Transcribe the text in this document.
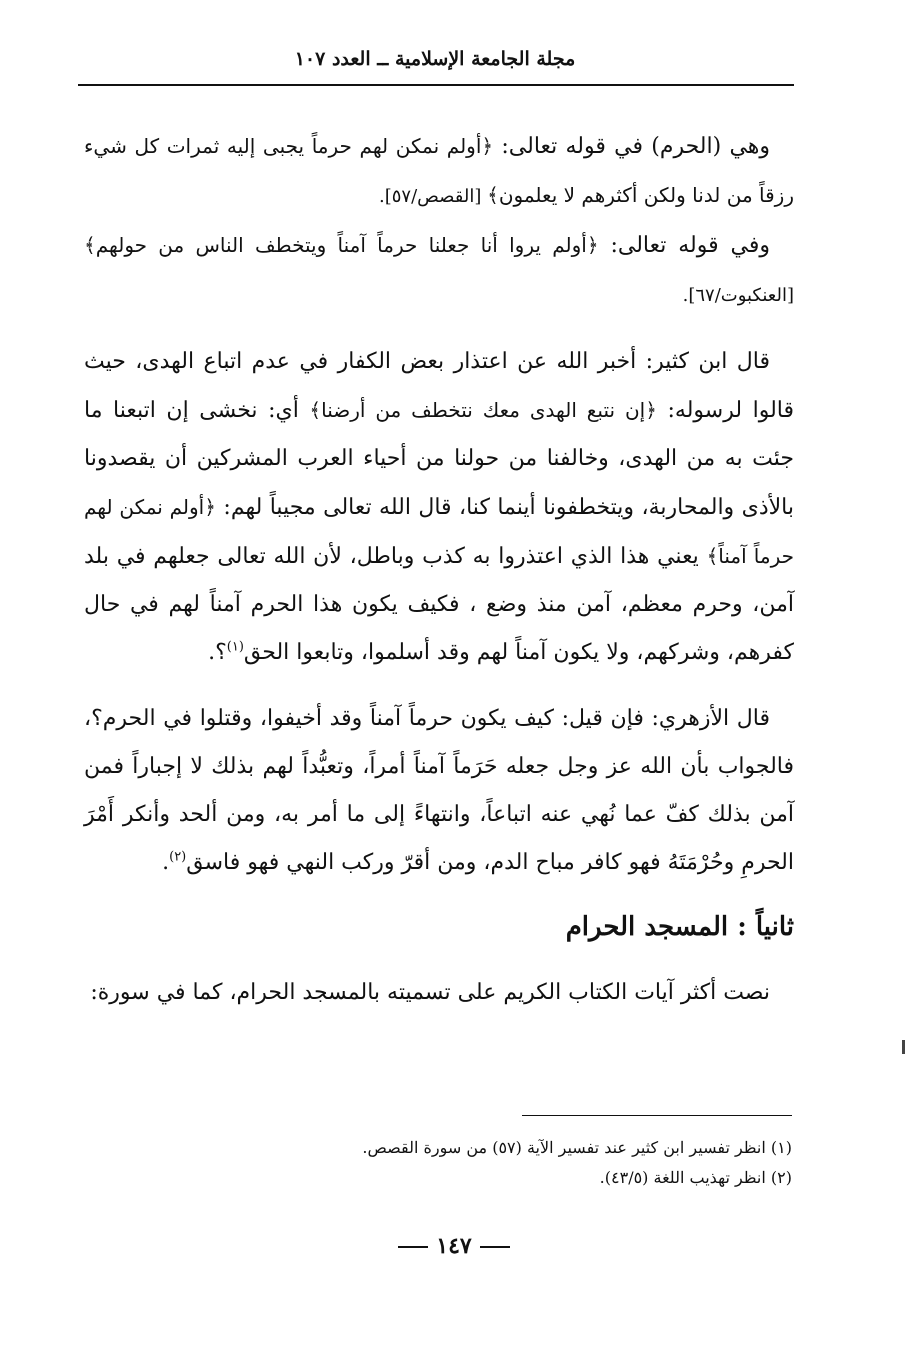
مجلة الجامعة الإسلامية ــ العدد ١٠٧

وهي (الحرم) في قوله تعالى: ﴿أولم نمكن لهم حرماً يجبى إليه ثمرات كل شيء رزقاً من لدنا ولكن أكثرهم لا يعلمون﴾ [القصص/٥٧].

وفي قوله تعالى: ﴿أولم يروا أنا جعلنا حرماً آمناً ويتخطف الناس من حولهم﴾ [العنكبوت/٦٧].

قال ابن كثير: أخبر الله عن اعتذار بعض الكفار في عدم اتباع الهدى، حيث قالوا لرسوله: ﴿إن نتبع الهدى معك نتخطف من أرضنا﴾ أي: نخشى إن اتبعنا ما جئت به من الهدى، وخالفنا من حولنا من أحياء العرب المشركين أن يقصدونا بالأذى والمحاربة، ويتخطفونا أينما كنا، قال الله تعالى مجيباً لهم: ﴿أولم نمكن لهم حرماً آمناً﴾ يعني هذا الذي اعتذروا به كذب وباطل، لأن الله تعالى جعلهم في بلد آمن، وحرم معظم، آمن منذ وضع ، فكيف يكون هذا الحرم آمناً لهم في حال كفرهم، وشركهم، ولا يكون آمناً لهم وقد أسلموا، وتابعوا الحق$^{(١)}$؟.

قال الأزهري: فإن قيل: كيف يكون حرماً آمناً وقد أخيفوا، وقتلوا في الحرم؟، فالجواب بأن الله عز وجل جعله حَرَماً آمناً أمراً، وتعبُّداً لهم بذلك لا إجباراً فمن آمن بذلك كفّ عما نُهي عنه اتباعاً، وانتهاءً إلى ما أمر به، ومن ألحد وأنكر أَمْرَ الحرمِ وحُرْمَتَهُ فهو كافر مباح الدم، ومن أقرّ وركب النهي فهو فاسق$^{(٢)}$.

ثانياً : المسجد الحرام

نصت أكثر آيات الكتاب الكريم على تسميته بالمسجد الحرام، كما في سورة:

(١) انظر تفسير ابن كثير عند تفسير الآية (٥٧) من سورة القصص.

(٢) انظر تهذيب اللغة (٤٣/٥).

١٤٧
